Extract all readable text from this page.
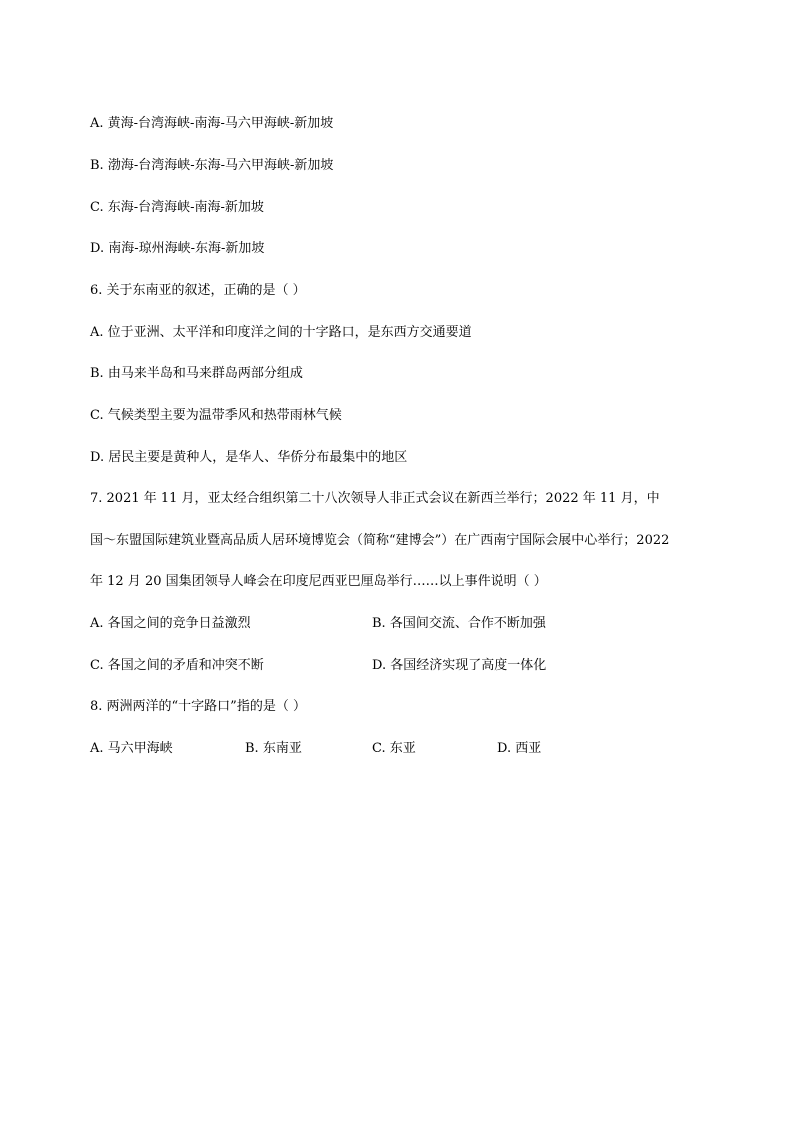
A. 黄海-台湾海峡-南海-马六甲海峡-新加坡
B. 渤海-台湾海峡-东海-马六甲海峡-新加坡
C. 东海-台湾海峡-南海-新加坡
D. 南海-琼州海峡-东海-新加坡
6. 关于东南亚的叙述，正确的是（ ）
A. 位于亚洲、太平洋和印度洋之间的十字路口，是东西方交通要道
B. 由马来半岛和马来群岛两部分组成
C. 气候类型主要为温带季风和热带雨林气候
D. 居民主要是黄种人，是华人、华侨分布最集中的地区
7. 2021 年 11 月，亚太经合组织第二十八次领导人非正式会议在新西兰举行；2022 年 11 月，中
国～东盟国际建筑业暨高品质人居环境博览会（简称“建博会”）在广西南宁国际会展中心举行；2022
年 12 月 20 国集团领导人峰会在印度尼西亚巴厘岛举行……以上事件说明（ ）
A. 各国之间的竞争日益激烈	B. 各国间交流、合作不断加强
C. 各国之间的矛盾和冲突不断	D. 各国经济实现了高度一体化
8. 两洲两洋的“十字路口”指的是（ ）
A. 马六甲海峡	B. 东南亚	C. 东亚	D. 西亚
